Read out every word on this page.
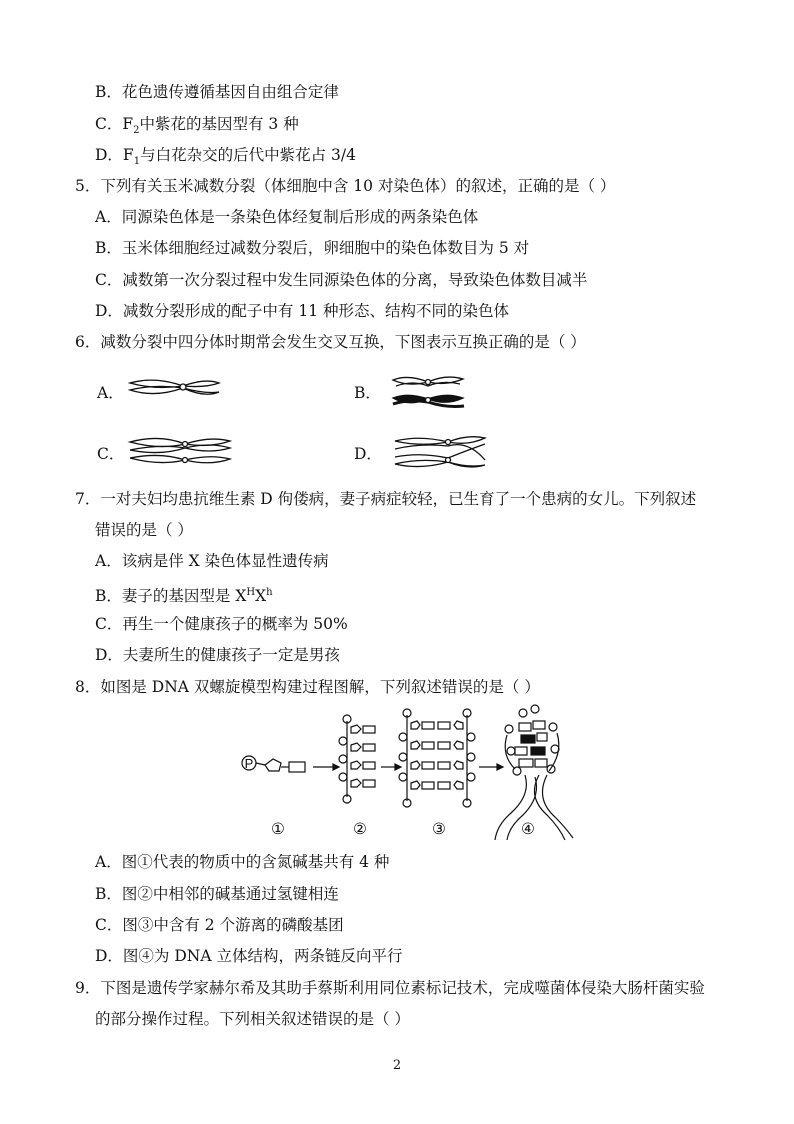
B．花色遗传遵循基因自由组合定律
C．$F_2$中紫花的基因型有 3 种
D．$F_1$与白花杂交的后代中紫花占 3/4
5．下列有关玉米减数分裂（体细胞中含 10 对染色体）的叙述，正确的是（ ）
A．同源染色体是一条染色体经复制后形成的两条染色体
B．玉米体细胞经过减数分裂后，卵细胞中的染色体数目为 5 对
C．减数第一次分裂过程中发生同源染色体的分离，导致染色体数目减半
D．减数分裂形成的配子中有 11 种形态、结构不同的染色体
6．减数分裂中四分体时期常会发生交叉互换，下图表示互换正确的是（ ）
A．	B．
C．	D．
7．一对夫妇均患抗维生素 D 佝偻病，妻子病症较轻，已生育了一个患病的女儿。下列叙述
错误的是（ ）
A．该病是伴 X 染色体显性遗传病
B．妻子的基因型是 $X^HX^h$
C．再生一个健康孩子的概率为 50%
D．夫妻所生的健康孩子一定是男孩
8．如图是 DNA 双螺旋模型构建过程图解，下列叙述错误的是（ ）
P
①	②	③	④
A．图①代表的物质中的含氮碱基共有 4 种
B．图②中相邻的碱基通过氢键相连
C．图③中含有 2 个游离的磷酸基团
D．图④为 DNA 立体结构，两条链反向平行
9．下图是遗传学家赫尔希及其助手蔡斯利用同位素标记技术，完成噬菌体侵染大肠杆菌实验
的部分操作过程。下列相关叙述错误的是（ ）
2
